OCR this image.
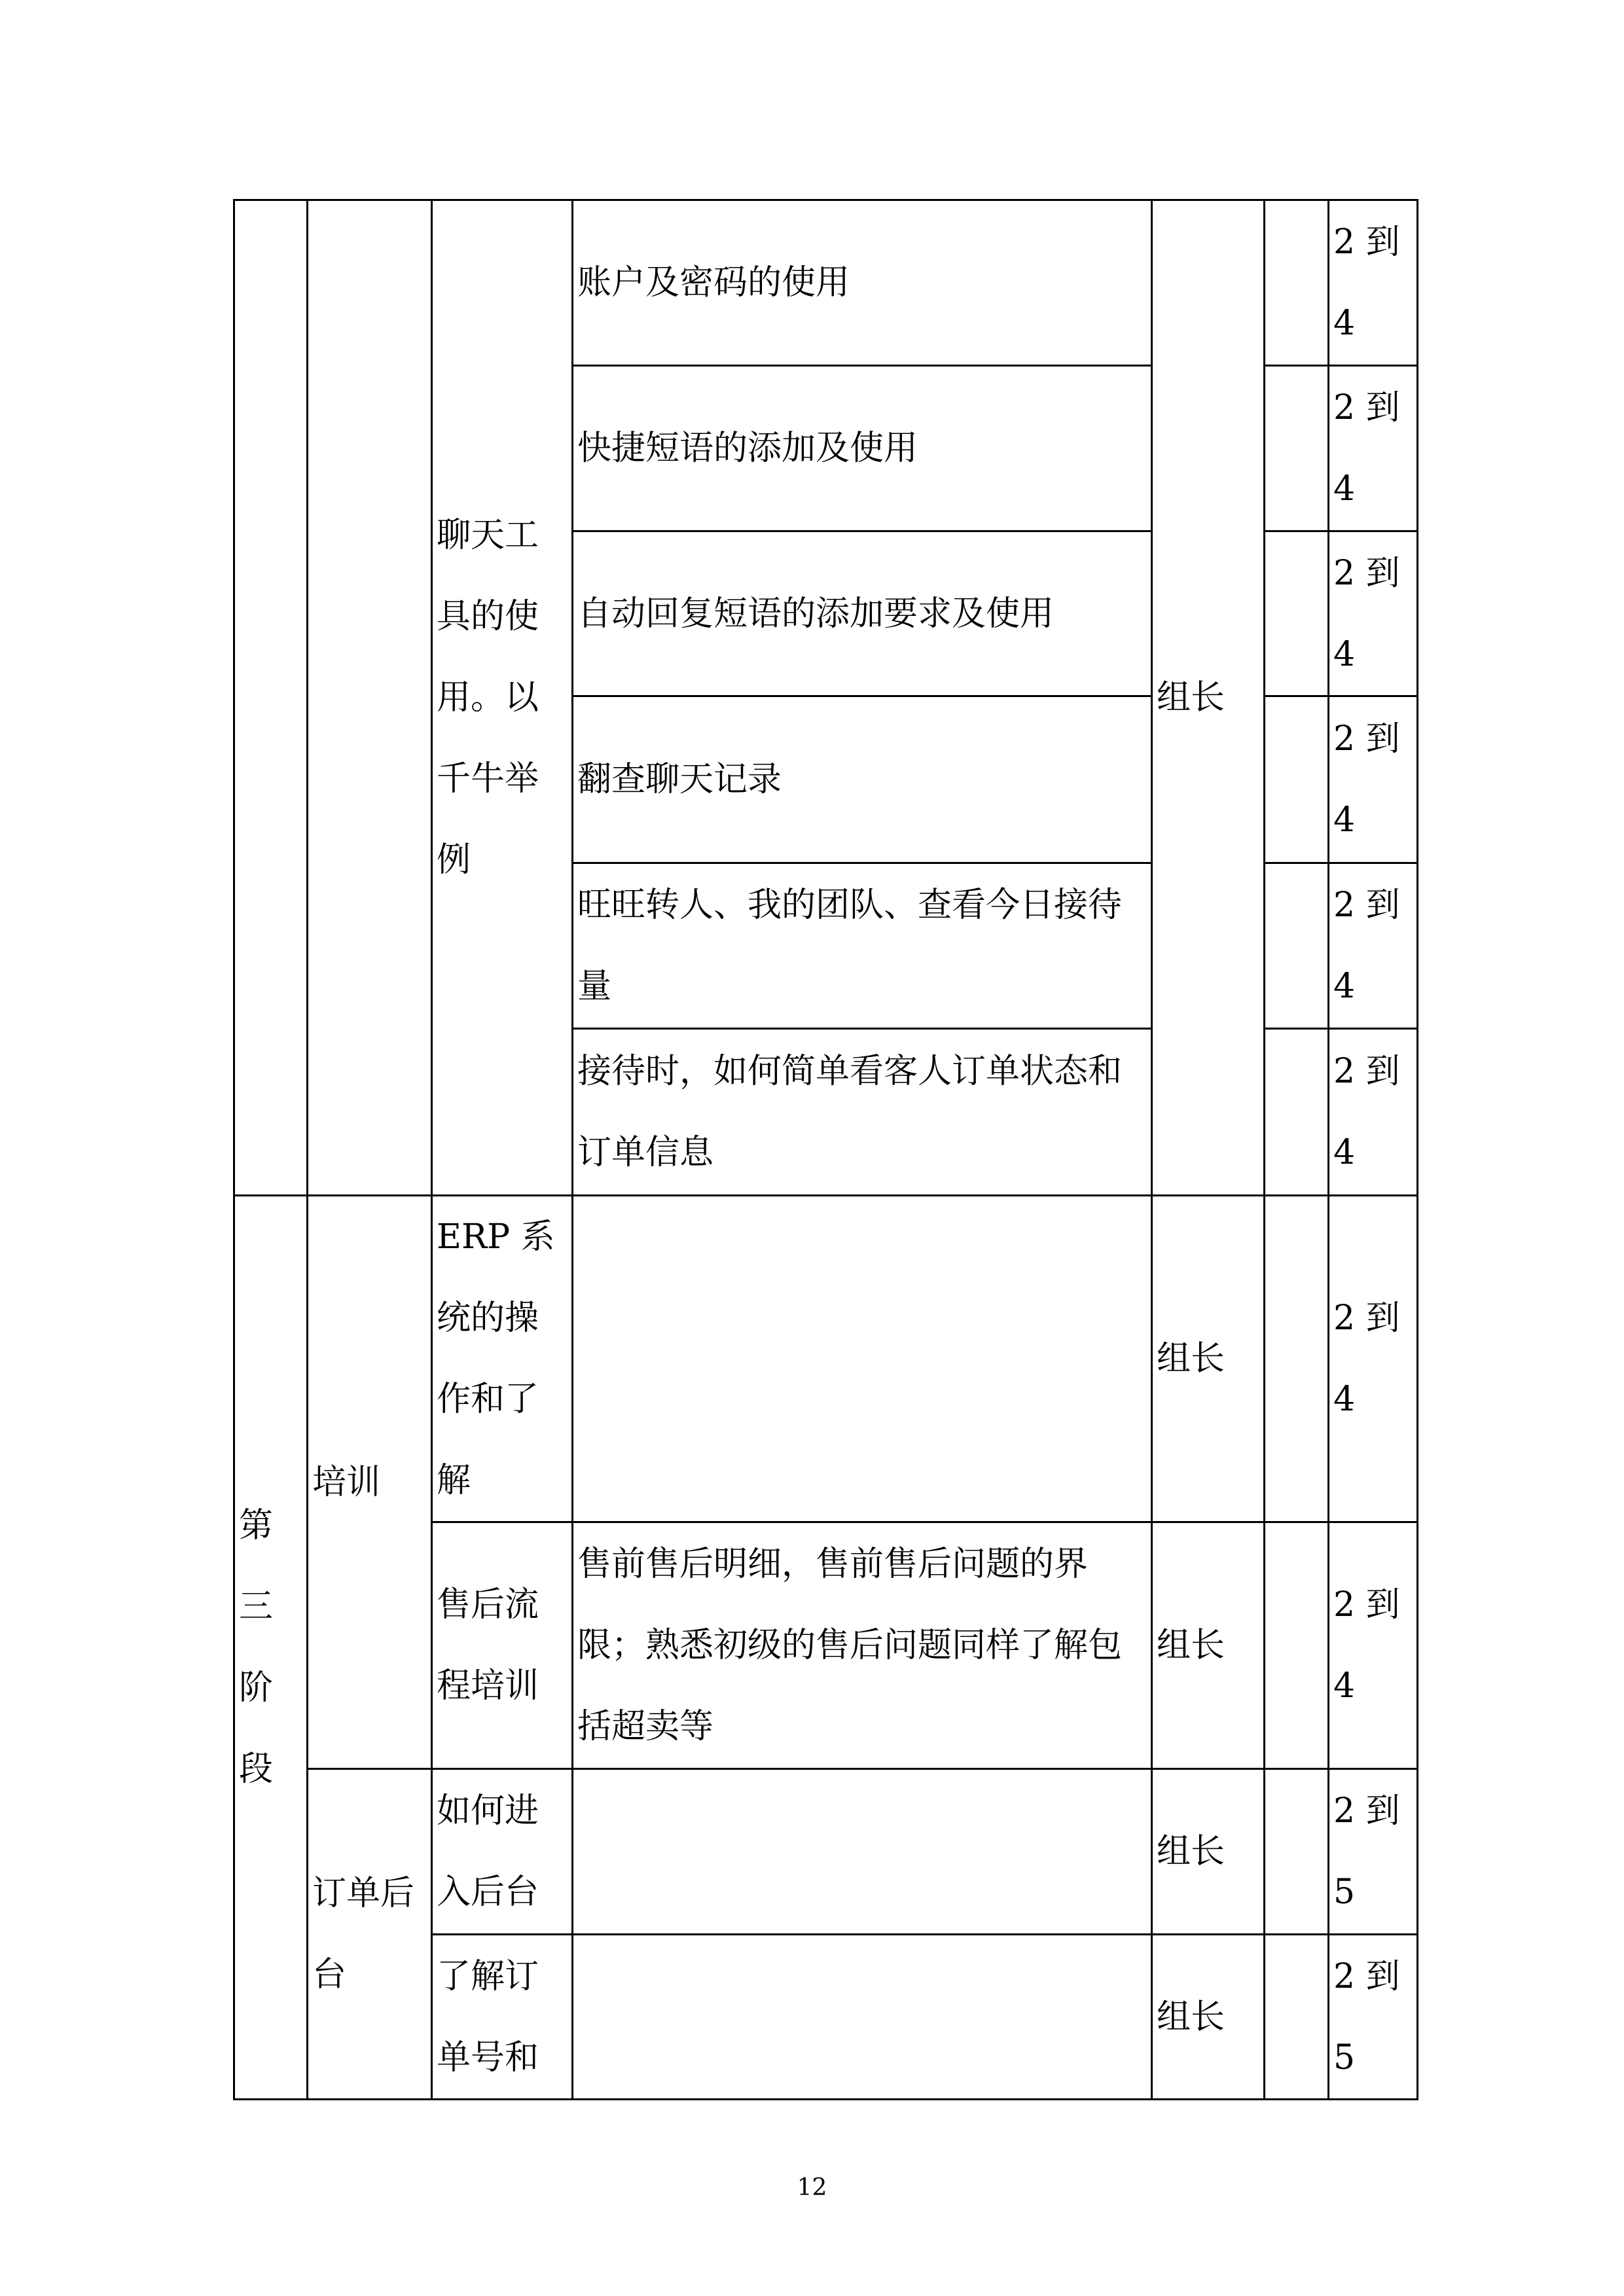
		聊天工具的使用。以千牛举例	账户及密码的使用	组长		2 到
4

			快捷短语的添加及使用			2 到
4

			自动回复短语的添加要求及使用			2 到
4

			翻查聊天记录			2 到
4

			旺旺转人、我的团队、查看今日接待量			2 到
4

			接待时，如何简单看客人订单状态和订单信息			2 到
4

第三阶段	培训	ERP 系统的操作和了解		组长		2 到
4

		售后流程培训	售前售后明细，售前售后问题的界限；熟悉初级的售后问题同样了解包括超卖等	组长		2 到
4

	订单后台	如何进入后台		组长		2 到
5

		了解订单号和		组长		2 到
5
12
